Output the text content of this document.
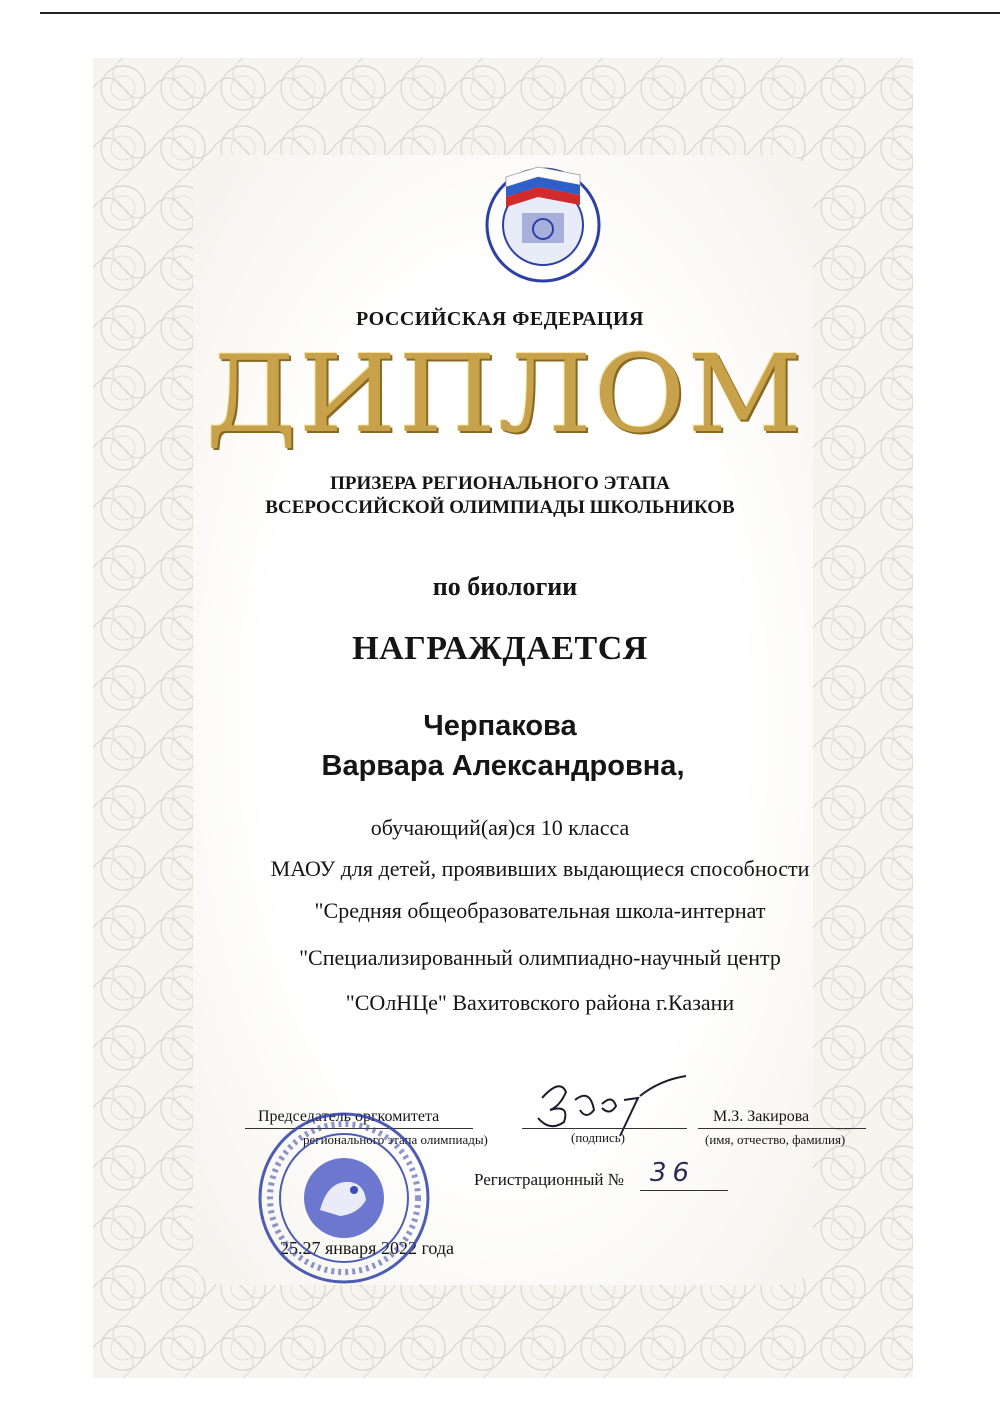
РОССИЙСКАЯ ФЕДЕРАЦИЯ
ДИПЛОМ
ПРИЗЕРА РЕГИОНАЛЬНОГО ЭТАПА
ВСЕРОССИЙСКОЙ ОЛИМПИАДЫ ШКОЛЬНИКОВ
по биологии
НАГРАЖДАЕТСЯ
Черпакова
Варвара Александровна,
обучающий(ая)ся 10 класса
МАОУ для детей, проявивших выдающиеся способности
"Средняя общеобразовательная школа-интернат
"Специализированный олимпиадно-научный центр
"СОлНЦе" Вахитовского района г.Казани
Председатель оргкомитета
регионального этапа олимпиады)	(подпись)
М.З. Закирова
(имя, отчество, фамилия)
Регистрационный № 36
25.27 января 2022 года
